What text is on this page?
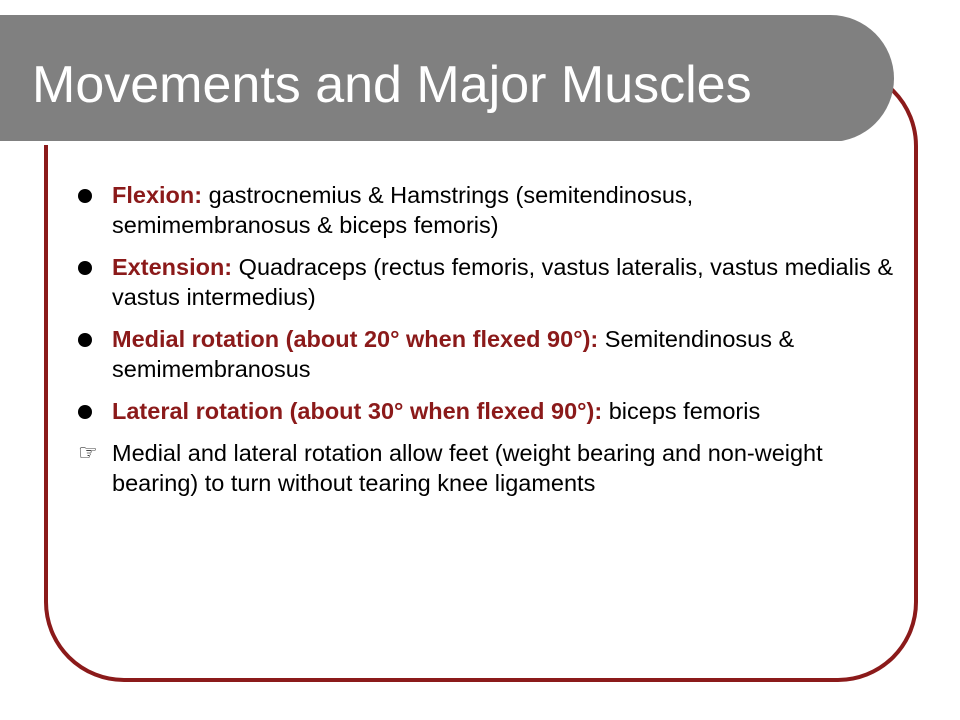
Movements and Major Muscles
Flexion: gastrocnemius & Hamstrings (semitendinosus, semimembranosus & biceps femoris)
Extension: Quadraceps (rectus femoris, vastus lateralis, vastus medialis & vastus intermedius)
Medial rotation (about 20° when flexed 90°): Semitendinosus & semimembranosus
Lateral rotation (about 30° when flexed 90°): biceps femoris
☞ Medial and lateral rotation allow feet (weight bearing and non-weight bearing) to turn without tearing knee ligaments
